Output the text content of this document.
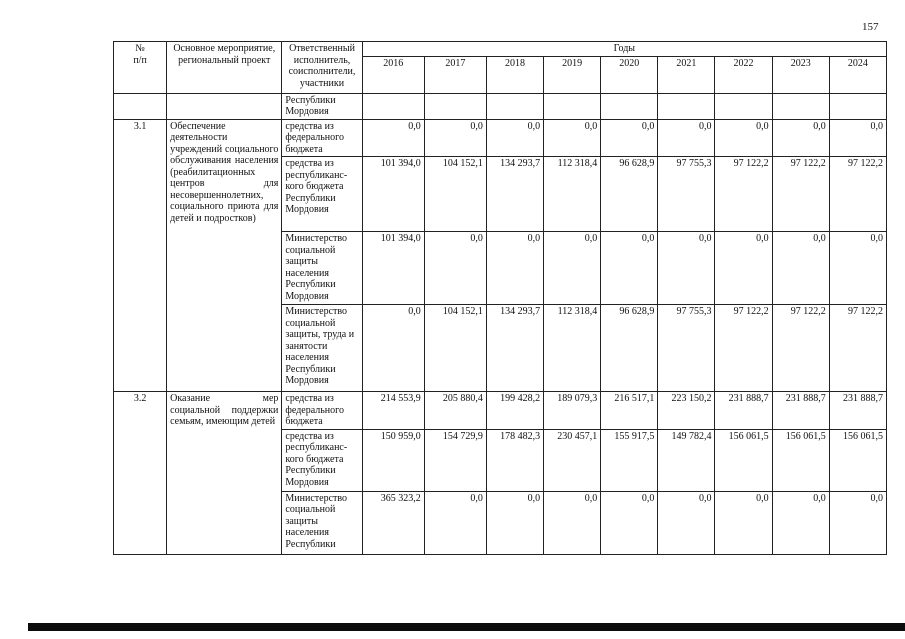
157
№
п/п	Основное мероприятие, региональный проект	Ответственный исполнитель, соисполнители, участники	Годы								
			2016	2017	2018	2019	2020	2021	2022	2023	2024
		Республики Мордовия									
3.1	Обеспечение деятельности учреждений социального обслуживания населения (реабилитационных центров для несовершеннолетних, социального приюта для детей и подростков)	средства из федерального бюджета	0,0	0,0	0,0	0,0	0,0	0,0	0,0	0,0	0,0
		средства из республиканс-кого бюджета Республики Мордовия	101 394,0	104 152,1	134 293,7	112 318,4	96 628,9	97 755,3	97 122,2	97 122,2	97 122,2
		Министерство социальной защиты населения Республики Мордовия	101 394,0	0,0	0,0	0,0	0,0	0,0	0,0	0,0	0,0
		Министерство социальной защиты, труда и занятости населения Республики Мордовия	0,0	104 152,1	134 293,7	112 318,4	96 628,9	97 755,3	97 122,2	97 122,2	97 122,2
3.2	Оказание мер социальной поддержки семьям, имеющим детей	средства из федерального бюджета	214 553,9	205 880,4	199 428,2	189 079,3	216 517,1	223 150,2	231 888,7	231 888,7	231 888,7
		средства из республиканс-кого бюджета Республики Мордовия	150 959,0	154 729,9	178 482,3	230 457,1	155 917,5	149 782,4	156 061,5	156 061,5	156 061,5
		Министерство социальной защиты населения Республики	365 323,2	0,0	0,0	0,0	0,0	0,0	0,0	0,0	0,0
